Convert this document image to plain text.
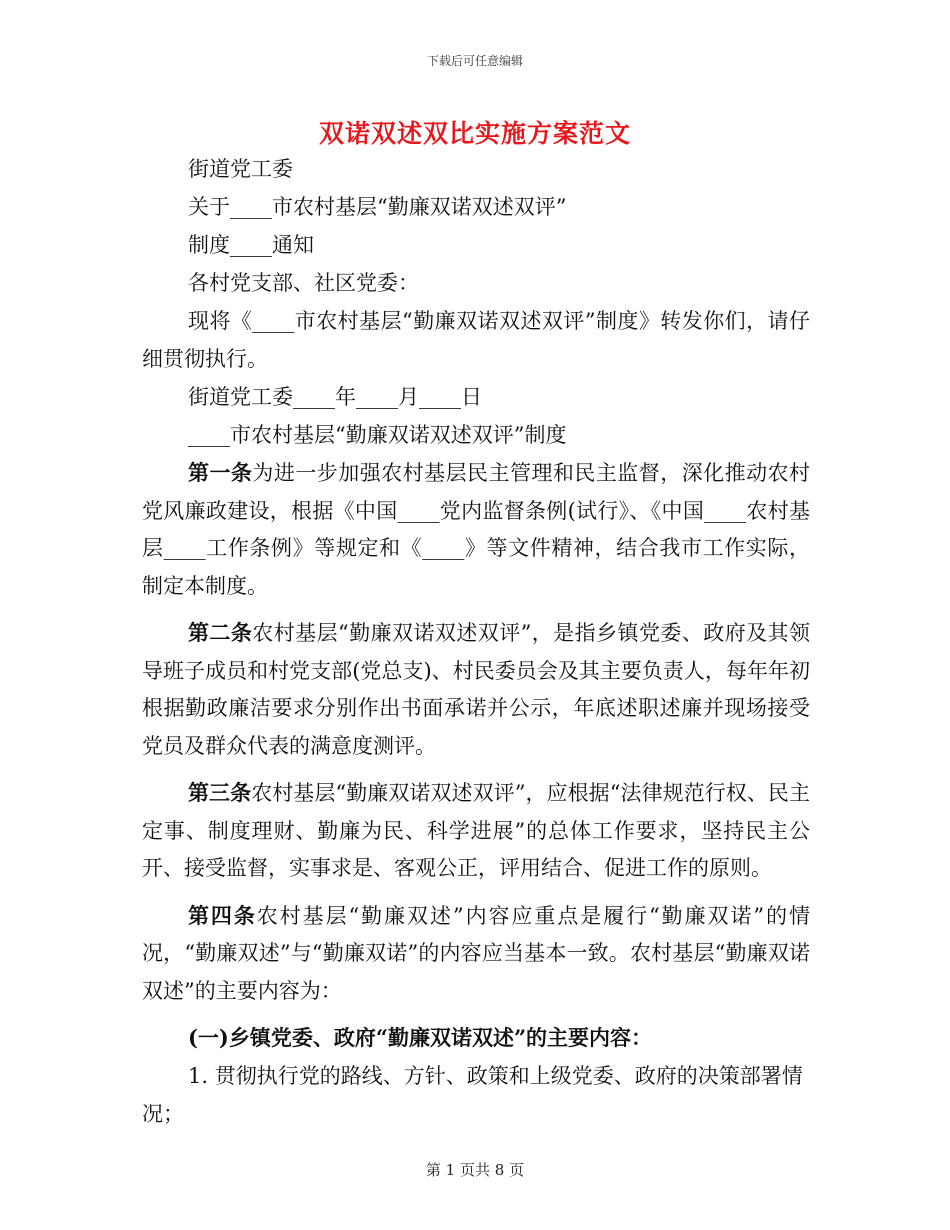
下载后可任意编辑
双诺双述双比实施方案范文

街道党工委

关于____市农村基层“勤廉双诺双述双评”

制度____通知

各村党支部、社区党委：

现将《____市农村基层“勤廉双诺双述双评”制度》转发你们，请仔细贯彻执行。

街道党工委____年____月____日

____市农村基层“勤廉双诺双述双评”制度

第一条为进一步加强农村基层民主管理和民主监督，深化推动农村党风廉政建设，根据《中国____党内监督条例(试行》、《中国____农村基层____工作条例》等规定和《____》等文件精神，结合我市工作实际，制定本制度。

第二条农村基层“勤廉双诺双述双评”，是指乡镇党委、政府及其领导班子成员和村党支部(党总支)、村民委员会及其主要负责人，每年年初根据勤政廉洁要求分别作出书面承诺并公示，年底述职述廉并现场接受党员及群众代表的满意度测评。

第三条农村基层“勤廉双诺双述双评”，应根据“法律规范行权、民主定事、制度理财、勤廉为民、科学进展”的总体工作要求，坚持民主公开、接受监督，实事求是、客观公正，评用结合、促进工作的原则。

第四条农村基层“勤廉双述”内容应重点是履行“勤廉双诺”的情况，“勤廉双述”与“勤廉双诺”的内容应当基本一致。农村基层“勤廉双诺双述”的主要内容为：

(一)乡镇党委、政府“勤廉双诺双述”的主要内容：

1. 贯彻执行党的路线、方针、政策和上级党委、政府的决策部署情况；

第 1 页共 8 页
